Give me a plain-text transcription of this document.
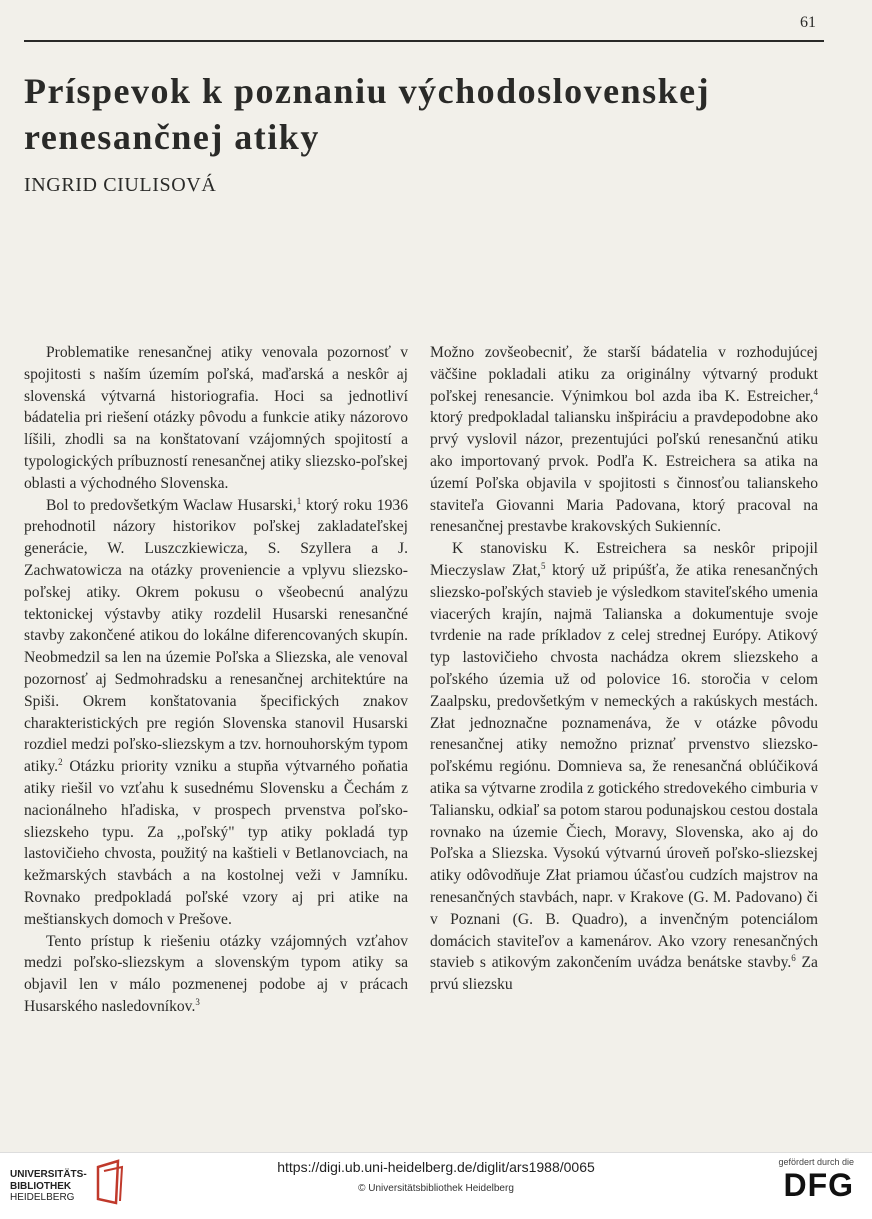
61
Príspevok k poznaniu východoslovenskej renesančnej atiky
INGRID CIULISOVÁ

Problematike renesančnej atiky venovala pozornosť v spojitosti s naším územím poľská, maďarská a neskôr aj slovenská výtvarná historiografia. Hoci sa jednotliví bádatelia pri riešení otázky pôvodu a funkcie atiky názorovo líšili, zhodli sa na konštatovaní vzájomných spojitostí a typologických príbuzností renesančnej atiky sliezsko-poľskej oblasti a východného Slovenska.

Bol to predovšetkým Waclaw Husarski,$^1$ ktorý roku 1936 prehodnotil názory historikov poľskej zakladateľskej generácie, W. Luszczkiewicza, S. Szyllera a J. Zachwatowicza na otázky proveniencie a vplyvu sliezsko-poľskej atiky. Okrem pokusu o všeobecnú analýzu tektonickej výstavby atiky rozdelil Husarski renesančné stavby zakončené atikou do lokálne diferencovaných skupín. Neobmedzil sa len na územie Poľska a Sliezska, ale venoval pozornosť aj Sedmohradsku a renesančnej architektúre na Spiši. Okrem konštatovania špecifických znakov charakteristických pre región Slovenska stanovil Husarski rozdiel medzi poľsko-sliezskym a tzv. hornouhorským typom atiky.$^2$ Otázku priority vzniku a stupňa výtvarného poňatia atiky riešil vo vzťahu k susednému Slovensku a Čechám z nacionálneho hľadiska, v prospech prvenstva poľsko-sliezskeho typu. Za ,,poľský" typ atiky pokladá typ lastovičieho chvosta, použitý na kaštieli v Betlanovciach, na kežmarských stavbách a na kostolnej veži v Jamníku. Rovnako predpokladá poľské vzory aj pri atike na meštianskych domoch v Prešove.

Tento prístup k riešeniu otázky vzájomných vzťahov medzi poľsko-sliezskym a slovenským typom atiky sa objavil len v málo pozmenenej podobe aj v prácach Husarského nasledovníkov.$^3$

Možno zovšeobecniť, že starší bádatelia v rozhodujúcej väčšine pokladali atiku za originálny výtvarný produkt poľskej renesancie. Výnimkou bol azda iba K. Estreicher,$^4$ ktorý predpokladal taliansku inšpiráciu a pravdepodobne ako prvý vyslovil názor, prezentujúci poľskú renesančnú atiku ako importovaný prvok. Podľa K. Estreichera sa atika na území Poľska objavila v spojitosti s činnosťou talianskeho staviteľa Giovanni Maria Padovana, ktorý pracoval na renesančnej prestavbe krakovských Sukienníc.

K stanovisku K. Estreichera sa neskôr pripojil Mieczyslaw Złat,$^5$ ktorý už pripúšťa, že atika renesančných sliezsko-poľských stavieb je výsledkom staviteľského umenia viacerých krajín, najmä Talianska a dokumentuje svoje tvrdenie na rade príkladov z celej strednej Európy. Atikový typ lastovičieho chvosta nachádza okrem sliezskeho a poľského územia už od polovice 16. storočia v celom Zaalpsku, predovšetkým v nemeckých a rakúskych mestách. Złat jednoznačne poznamenáva, že v otázke pôvodu renesančnej atiky nemožno priznať prvenstvo sliezsko-poľskému regiónu. Domnieva sa, že renesančná oblúčiková atika sa výtvarne zrodila z gotického stredovekého cimburia v Taliansku, odkiaľ sa potom starou podunajskou cestou dostala rovnako na územie Čiech, Moravy, Slovenska, ako aj do Poľska a Sliezska. Vysokú výtvarnú úroveň poľsko-sliezskej atiky odôvodňuje Złat priamou účasťou cudzích majstrov na renesančných stavbách, napr. v Krakove (G. M. Padovano) či v Poznani (G. B. Quadro), a invenčným potenciálom domácich staviteľov a kamenárov. Ako vzory renesančných stavieb s atikovým zakončením uvádza benátske stavby.$^6$ Za prvú sliezsku

UNIVERSITÄTS-
BIBLIOTHEK
HEIDELBERG
https://digi.ub.uni-heidelberg.de/diglit/ars1988/0065
© Universitätsbibliothek Heidelberg
gefördert durch die
DFG
